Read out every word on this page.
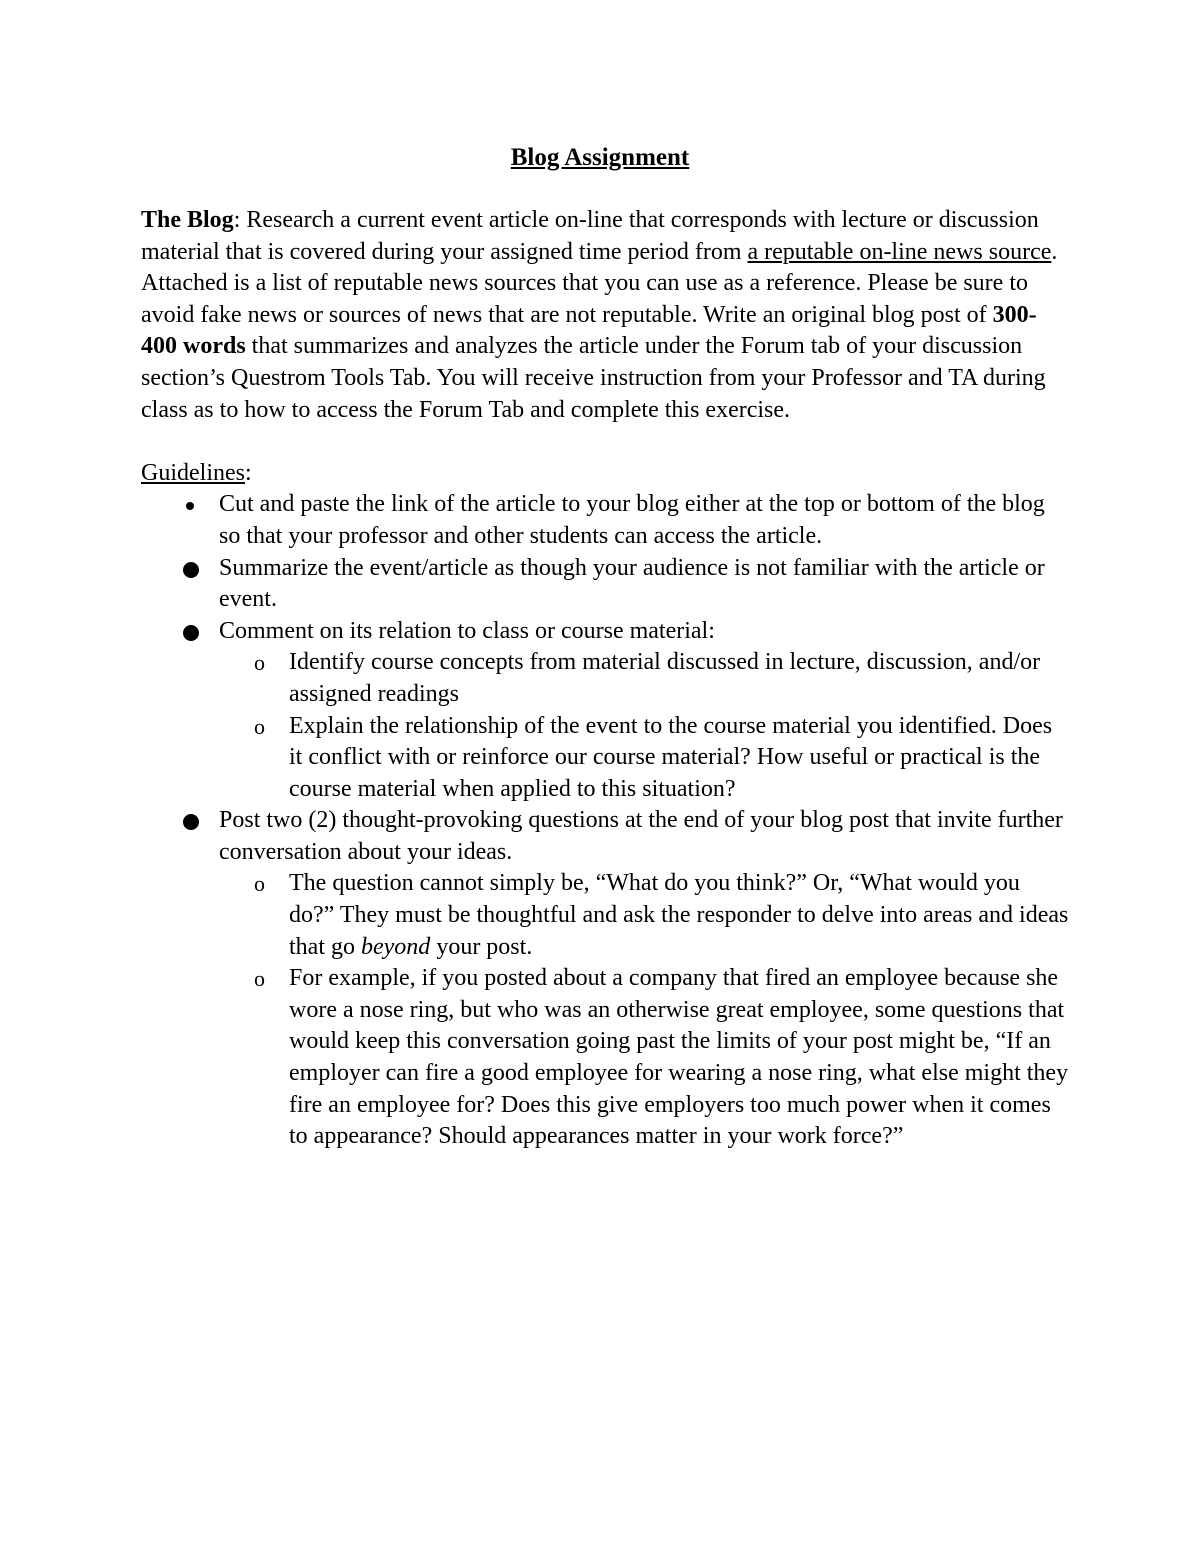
Blog Assignment

The Blog: Research a current event article on-line that corresponds with lecture or discussion material that is covered during your assigned time period from a reputable on-line news source. Attached is a list of reputable news sources that you can use as a reference. Please be sure to avoid fake news or sources of news that are not reputable. Write an original blog post of 300-400 words that summarizes and analyzes the article under the Forum tab of your discussion section’s Questrom Tools Tab. You will receive instruction from your Professor and TA during class as to how to access the Forum Tab and complete this exercise.

Guidelines:

Cut and paste the link of the article to your blog either at the top or bottom of the blog so that your professor and other students can access the article.
Summarize the event/article as though your audience is not familiar with the article or event.
Comment on its relation to class or course material:
o Identify course concepts from material discussed in lecture, discussion, and/or assigned readings
o Explain the relationship of the event to the course material you identified. Does it conflict with or reinforce our course material? How useful or practical is the course material when applied to this situation?
Post two (2) thought-provoking questions at the end of your blog post that invite further conversation about your ideas.
o The question cannot simply be, “What do you think?” Or, “What would you do?” They must be thoughtful and ask the responder to delve into areas and ideas that go beyond your post.
o For example, if you posted about a company that fired an employee because she wore a nose ring, but who was an otherwise great employee, some questions that would keep this conversation going past the limits of your post might be, “If an employer can fire a good employee for wearing a nose ring, what else might they fire an employee for? Does this give employers too much power when it comes to appearance? Should appearances matter in your work force?”
